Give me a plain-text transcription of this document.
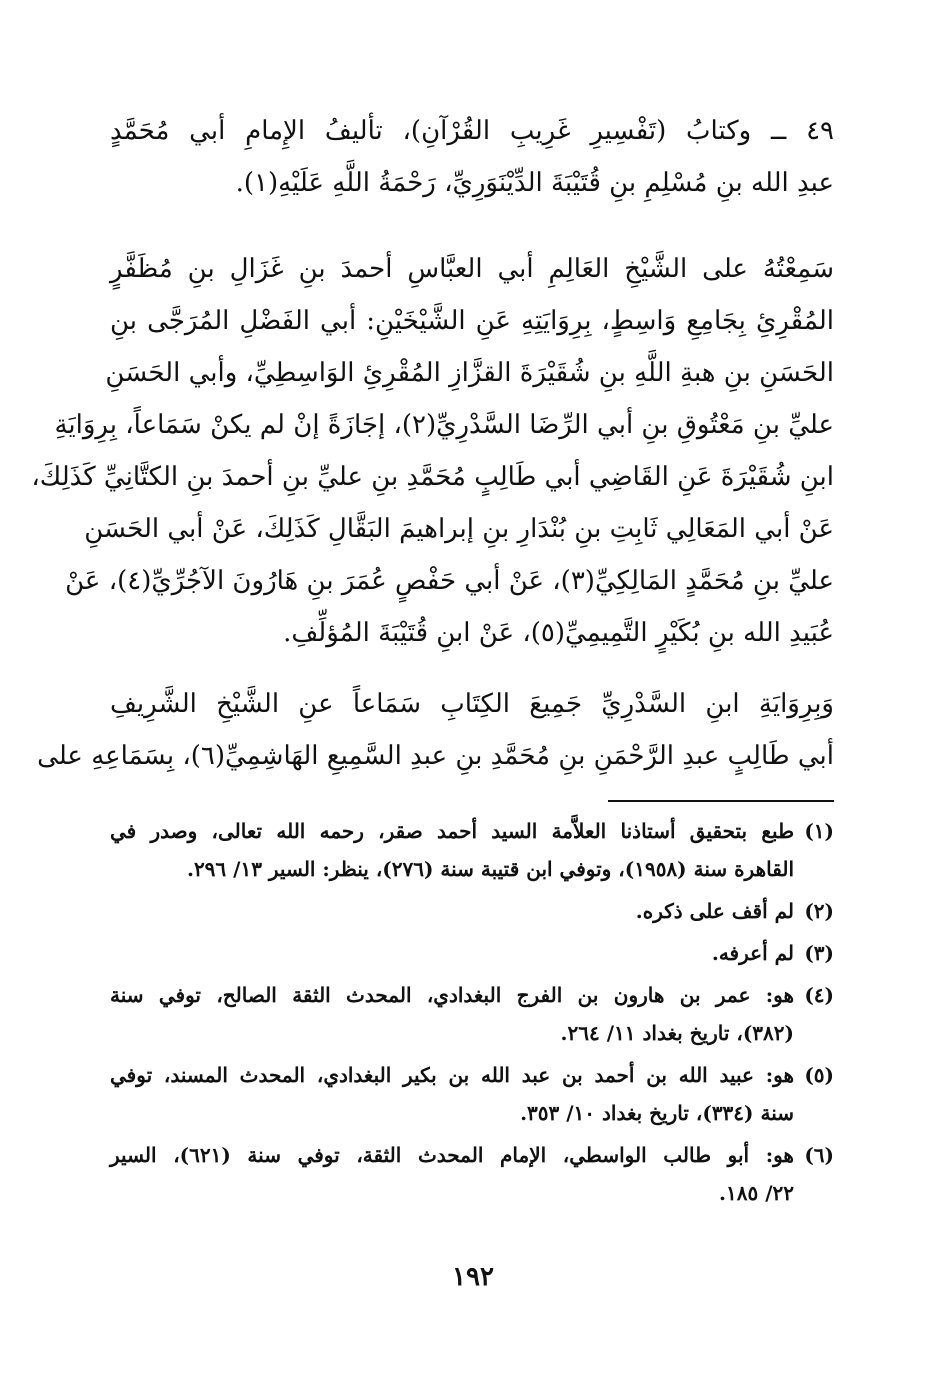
٤٩ ــ وكتابُ (تَفْسِيرِ غَرِيبِ القُرْآنِ)، تأليفُ الإِمامِ أبي مُحَمَّدٍ
عبدِ الله بنِ مُسْلِمِ بنِ قُتَيْبَةَ الدِّيْنَوَرِيِّ، رَحْمَةُ اللَّهِ عَلَيْهِ(١).
سَمِعْتُهُ على الشَّيْخِ العَالِمِ أبي العبَّاسِ أحمدَ بنِ غَزَالِ بنِ مُظَفَّرٍ
المُقْرِئِ بِجَامِعِ وَاسِطٍ، بِرِوَايَتِهِ عَنِ الشَّيْخَيْنِ: أبي الفَضْلِ المُرَجَّى بنِ
الحَسَنِ بنِ هبةِ اللَّهِ بنِ شُقَيْرَةَ القزَّازِ المُقْرِئِ الوَاسِطِيِّ، وأبي الحَسَنِ
عليِّ بنِ مَعْتُوقِ بنِ أبي الرِّضَا السَّدْرِيِّ(٢)، إجَازَةً إنْ لم يكنْ سَمَاعاً، بِرِوَايَةِ
ابنِ شُقَيْرَةَ عَنِ القَاضِي أبي طَالِبٍ مُحَمَّدِ بنِ عليِّ بنِ أحمدَ بنِ الكتَّانِيِّ كَذَلِكَ،
عَنْ أبي المَعَالِي ثَابِتِ بنِ بُنْدَارِ بنِ إبراهيمَ البَقَّالِ كَذَلِكَ، عَنْ أبي الحَسَنِ
عليِّ بنِ مُحَمَّدٍ المَالِكِيِّ(٣)، عَنْ أبي حَفْصٍ عُمَرَ بنِ هَارُونَ الآجُرِّيِّ(٤)، عَنْ
عُبَيدِ الله بنِ بُكَيْرٍ التَّمِيمِيِّ(٥)، عَنْ ابنِ قُتَيْبَةَ المُؤلِّفِ.
وَبِرِوَايَةِ ابنِ السَّدْرِيِّ جَمِيعَ الكِتَابِ سَمَاعاً عنِ الشَّيْخِ الشَّرِيفِ
أبي طَالِبٍ عبدِ الرَّحْمَنِ بنِ مُحَمَّدِ بنِ عبدِ السَّمِيعِ الهَاشِمِيِّ(٦)، بِسَمَاعِهِ على
(١)
طبع بتحقيق أستاذنا العلاَّمة السيد أحمد صقر، رحمه الله تعالى، وصدر في
القاهرة سنة (١٩٥٨)، وتوفي ابن قتيبة سنة (٢٧٦)، ينظر: السير ١٣/ ٢٩٦.
(٢)
لم أقف على ذكره.
(٣)
لم أعرفه.
(٤)
هو: عمر بن هارون بن الفرج البغدادي، المحدث الثقة الصالح، توفي سنة
(٣٨٢)، تاريخ بغداد ١١/ ٢٦٤.
(٥)
هو: عبيد الله بن أحمد بن عبد الله بن بكير البغدادي، المحدث المسند، توفي
سنة (٣٣٤)، تاريخ بغداد ١٠/ ٣٥٣.
(٦)
هو: أبو طالب الواسطي، الإمام المحدث الثقة، توفي سنة (٦٢١)، السير
٢٢/ ١٨٥.
١٩٢
